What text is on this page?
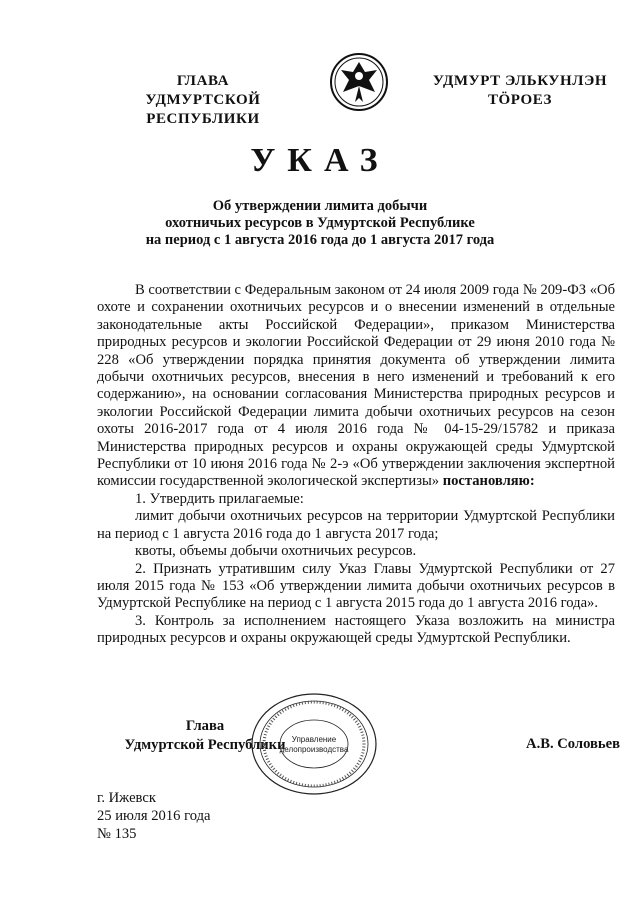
ГЛАВА
УДМУРТСКОЙ РЕСПУБЛИКИ
УДМУРТ ЭЛЬКУНЛЭН
ТӦРОЕЗ
УКАЗ
Об утверждении лимита добычи
охотничьих ресурсов в Удмуртской Республике
на период с 1 августа 2016 года до 1 августа 2017 года

В соответствии с Федеральным законом от 24 июля 2009 года № 209-ФЗ «Об охоте и сохранении охотничьих ресурсов и о внесении изменений в отдельные законодательные акты Российской Федерации», приказом Министерства природных ресурсов и экологии Российской Федерации от 29 июня 2010 года № 228 «Об утверждении порядка принятия документа об утверждении лимита добычи охотничьих ресурсов, внесения в него изменений и требований к его содержанию», на основании согласования Министерства природных ресурсов и экологии Российской Федерации лимита добычи охотничьих ресурсов на сезон охоты 2016-2017 года от 4 июля 2016 года № 04-15-29/15782 и приказа Министерства природных ресурсов и охраны окружающей среды Удмуртской Республики от 10 июня 2016 года № 2-э «Об утверждении заключения экспертной комиссии государственной экологической экспертизы» постановляю:

1. Утвердить прилагаемые:

лимит добычи охотничьих ресурсов на территории Удмуртской Республики на период с 1 августа 2016 года до 1 августа 2017 года;

квоты, объемы добычи охотничьих ресурсов.

2. Признать утратившим силу Указ Главы Удмуртской Республики от 27 июля 2015 года № 153 «Об утверждении лимита добычи охотничьих ресурсов в Удмуртской Республике на период с 1 августа 2015 года до 1 августа 2016 года».

3. Контроль за исполнением настоящего Указа возложить на министра природных ресурсов и охраны окружающей среды Удмуртской Республики.

Глава
Удмуртской Республики Управление
делопроизводства	А.В. Соловьев
г. Ижевск
25 июля 2016 года
№ 135
